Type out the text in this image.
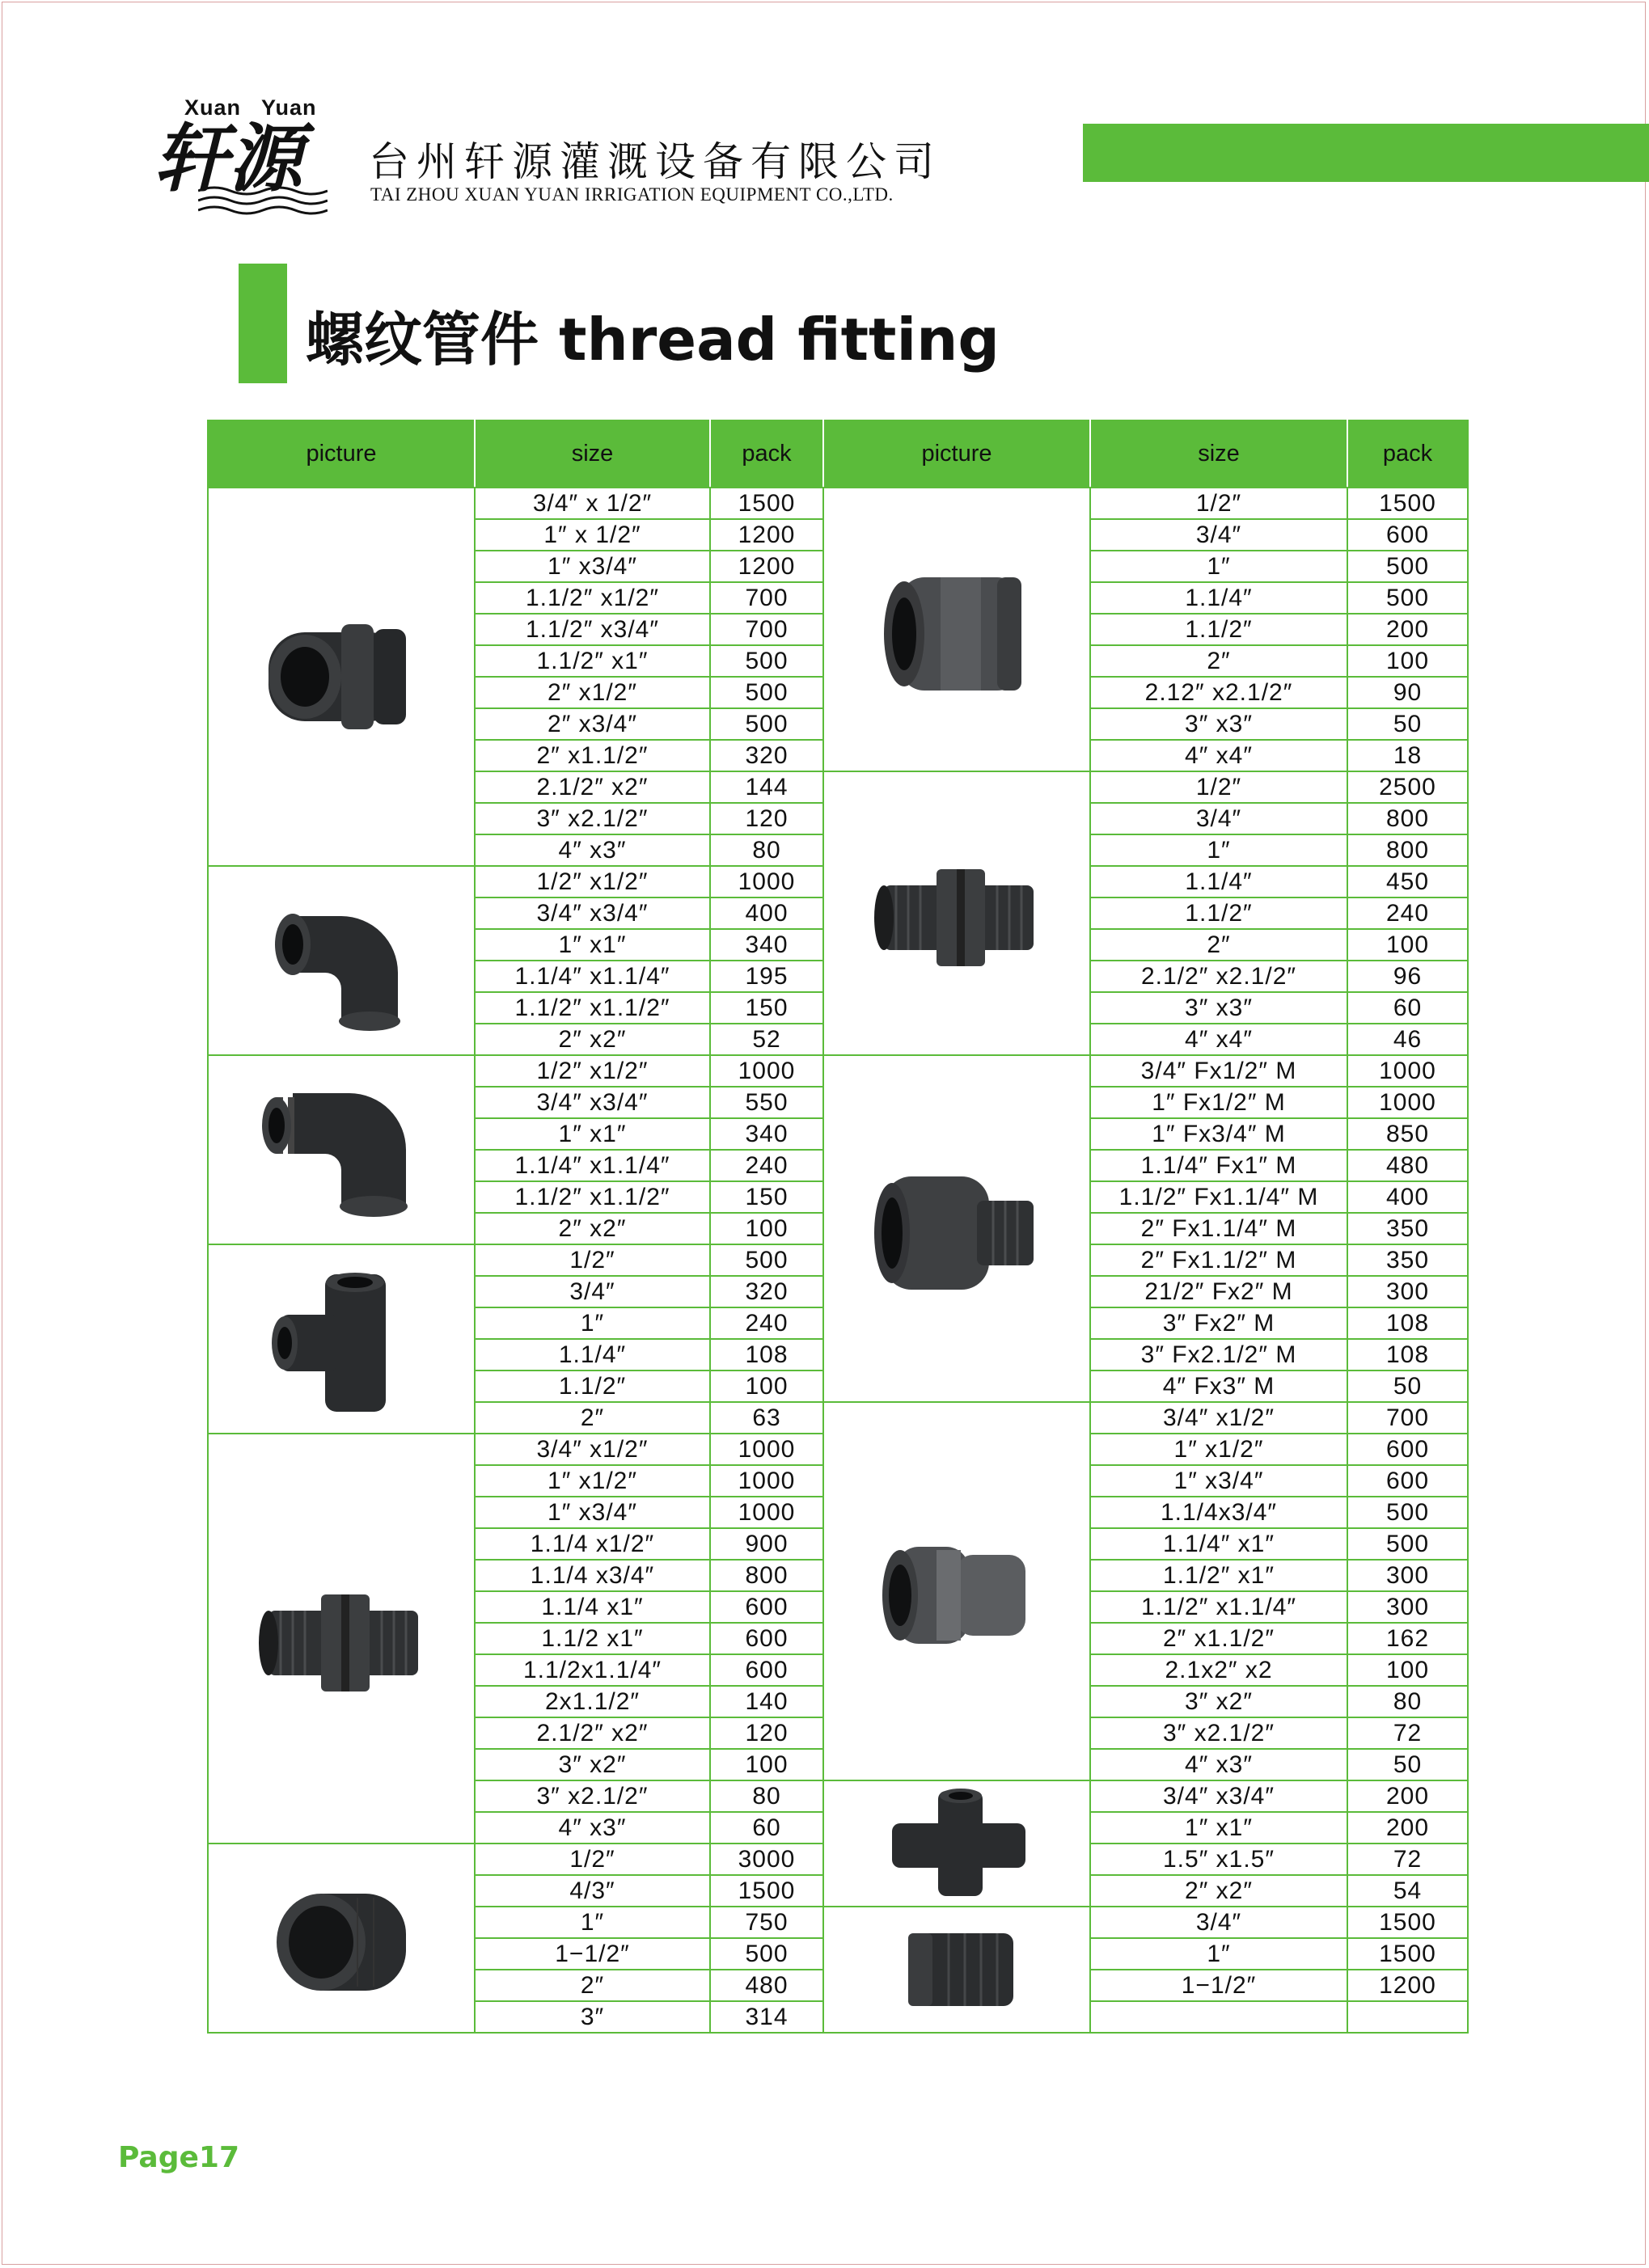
Xuan   Yuan
轩源 台州轩源灌溉设备有限公司
TAI ZHOU XUAN YUAN IRRIGATION EQUIPMENT CO.,LTD.
螺纹管件 thread fitting
picture	size	pack	picture	size	pack

	3/4″ x 1/2″	1500		1/2″	1500
	1″ x 1/2″	1200		3/4″	600
	1″ x3/4″	1200		1″	500
	1.1/2″ x1/2″	700		1.1/4″	500
	1.1/2″ x3/4″	700		1.1/2″	200
	1.1/2″ x1″	500		2″	100
	2″ x1/2″	500		2.12″ x2.1/2″	90
	2″ x3/4″	500		3″ x3″	50
	2″ x1.1/2″	320		4″ x4″	18
	2.1/2″ x2″	144		1/2″	2500
	3″ x2.1/2″	120		3/4″	800
	4″ x3″	80		1″	800

	1/2″ x1/2″	1000		1.1/4″	450
	3/4″ x3/4″	400		1.1/2″	240
	1″ x1″	340		2″	100
	1.1/4″ x1.1/4″	195		2.1/2″ x2.1/2″	96
	1.1/2″ x1.1/2″	150		3″ x3″	60
	2″ x2″	52		4″ x4″	46

	1/2″ x1/2″	1000		3/4″ Fx1/2″ M	1000
	3/4″ x3/4″	550		1″ Fx1/2″ M	1000
	1″ x1″	340		1″ Fx3/4″ M	850
	1.1/4″ x1.1/4″	240		1.1/4″ Fx1″ M	480
	1.1/2″ x1.1/2″	150		1.1/2″ Fx1.1/4″ M	400
	2″ x2″	100		2″ Fx1.1/4″ M	350

	1/2″	500		2″ Fx1.1/2″ M	350
	3/4″	320		21/2″ Fx2″ M	300
	1″	240		3″ Fx2″ M	108
	1.1/4″	108		3″ Fx2.1/2″ M	108
	1.1/2″	100		4″ Fx3″ M	50
	2″	63		3/4″ x1/2″	700

	3/4″ x1/2″	1000		1″ x1/2″	600
	1″ x1/2″	1000		1″ x3/4″	600
	1″ x3/4″	1000		1.1/4x3/4″	500
	1.1/4 x1/2″	900		1.1/4″ x1″	500
	1.1/4 x3/4″	800		1.1/2″ x1″	300
	1.1/4 x1″	600		1.1/2″ x1.1/4″	300
	1.1/2 x1″	600		2″ x1.1/2″	162
	1.1/2x1.1/4″	600		2.1x2″ x2	100
	2x1.1/2″	140		3″ x2″	80
	2.1/2″ x2″	120		3″ x2.1/2″	72
	3″ x2″	100		4″ x3″	50
	3″ x2.1/2″	80		3/4″ x3/4″	200
	4″ x3″	60		1″ x1″	200

	1/2″	3000		1.5″ x1.5″	72
	4/3″	1500		2″ x2″	54
	1″	750		3/4″	1500
	1−1/2″	500		1″	1500
	2″	480		1−1/2″	1200
	3″	314			
Page17
